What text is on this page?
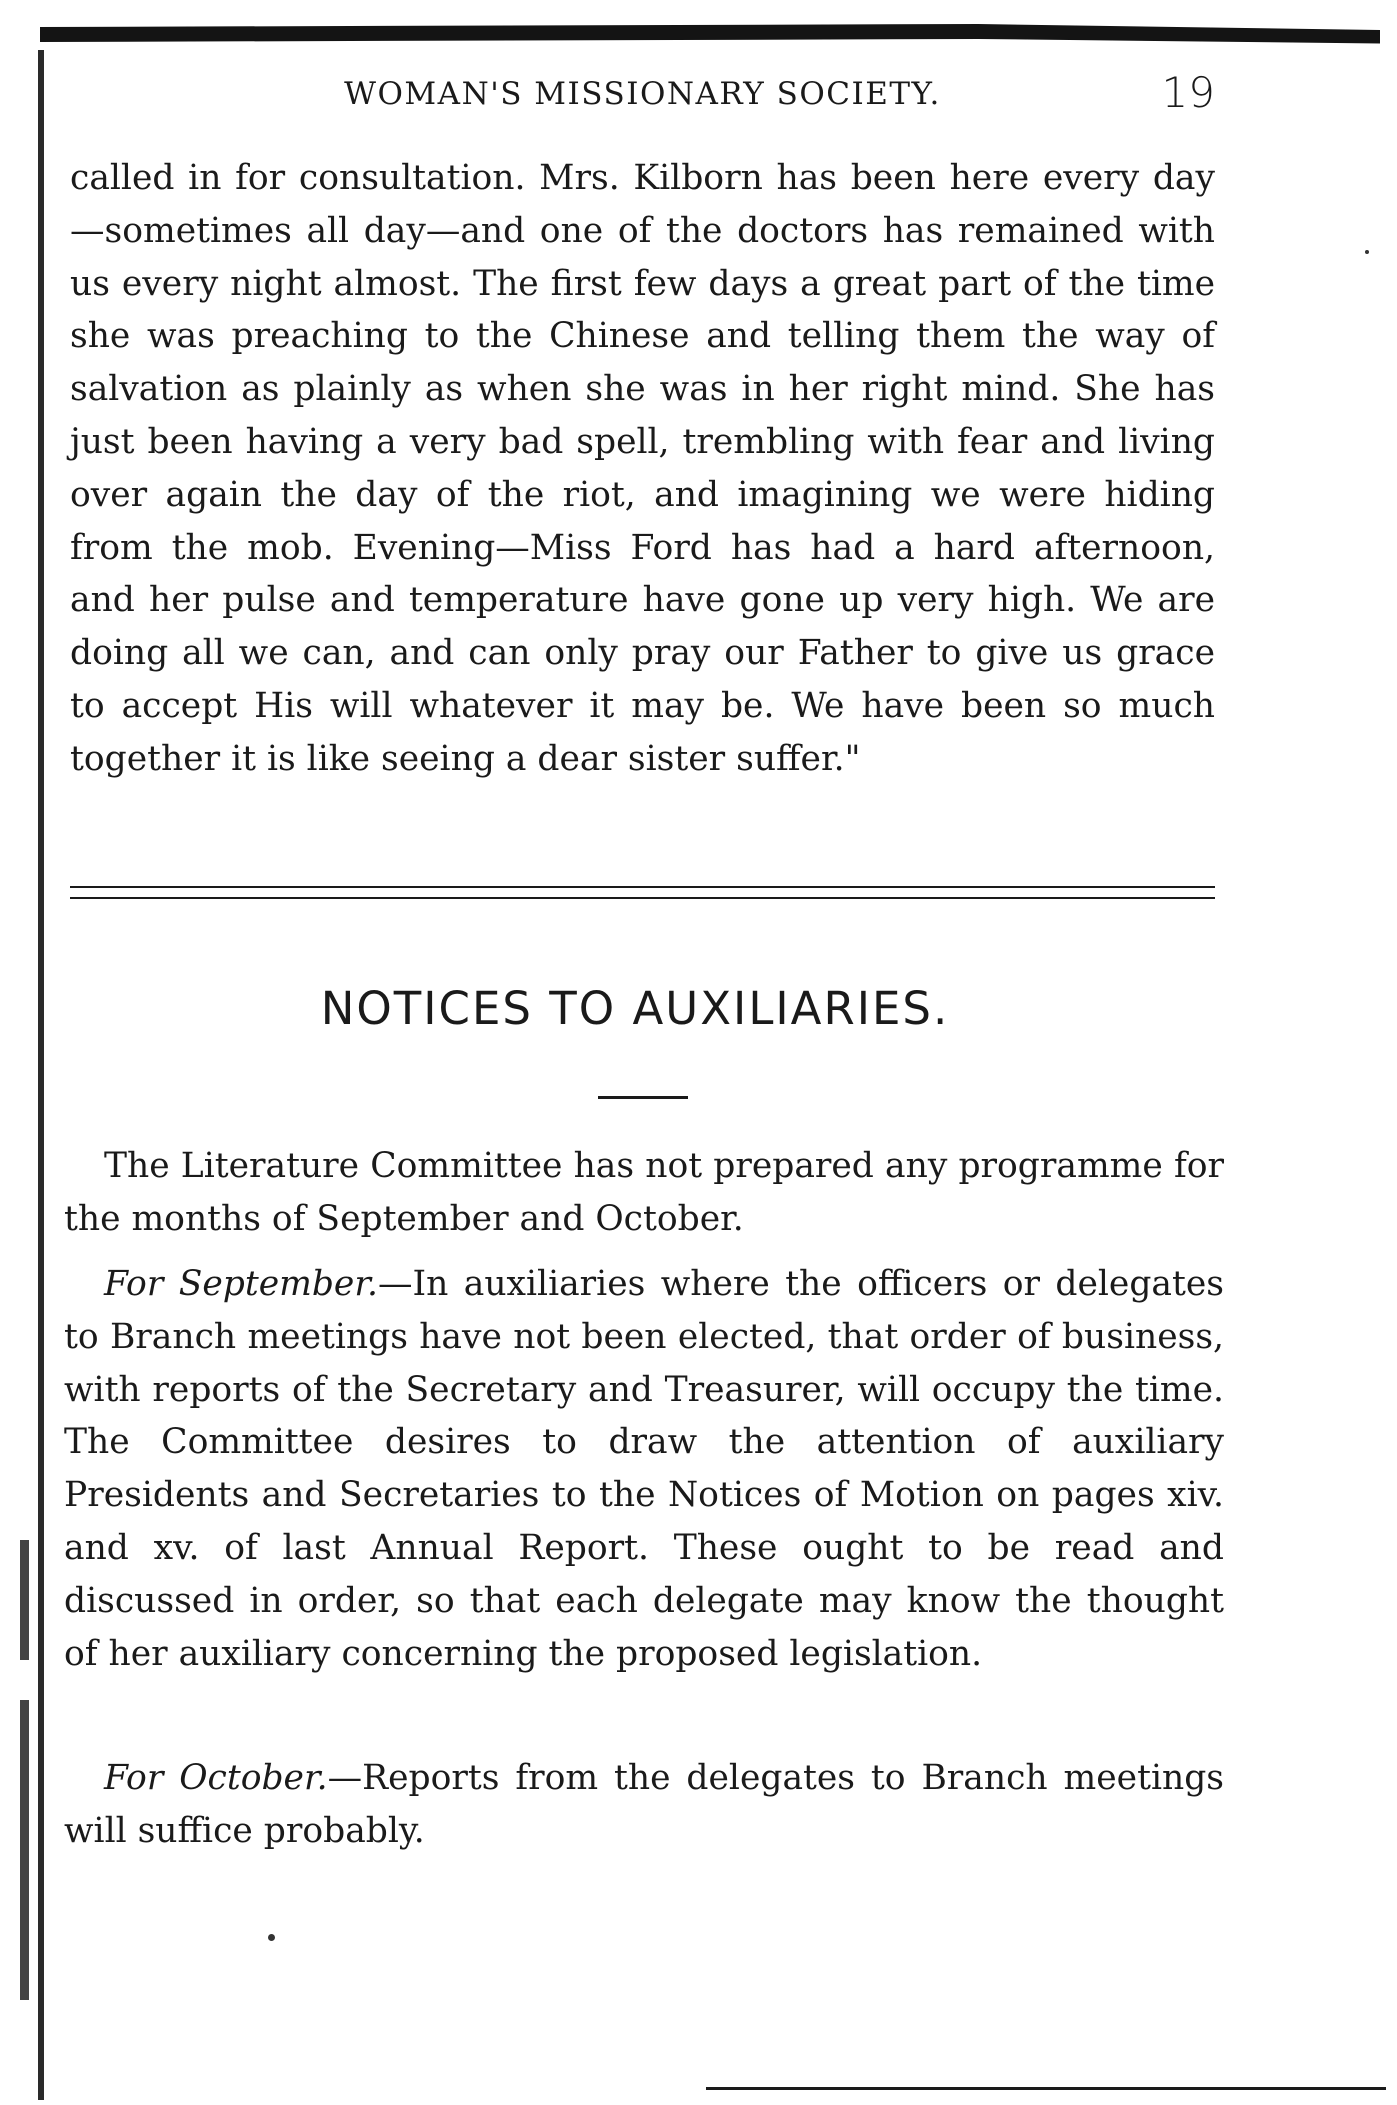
WOMAN'S MISSIONARY SOCIETY.	19

called in for consultation. Mrs. Kilborn has been here every day—sometimes all day—and one of the doctors has remained with us every night almost. The first few days a great part of the time she was preaching to the Chinese and telling them the way of salvation as plainly as when she was in her right mind. She has just been having a very bad spell, trembling with fear and living over again the day of the riot, and imagining we were hiding from the mob. Evening—Miss Ford has had a hard afternoon, and her pulse and temperature have gone up very high. We are doing all we can, and can only pray our Father to give us grace to accept His will whatever it may be. We have been so much together it is like seeing a dear sister suffer."

NOTICES TO AUXILIARIES.

The Literature Committee has not prepared any programme for the months of September and October.

For September.—In auxiliaries where the officers or delegates to Branch meetings have not been elected, that order of business, with reports of the Secretary and Treasurer, will occupy the time. The Committee desires to draw the attention of auxiliary Presidents and Secretaries to the Notices of Motion on pages xiv. and xv. of last Annual Report. These ought to be read and discussed in order, so that each delegate may know the thought of her auxiliary concerning the proposed legislation.

For October.—Reports from the delegates to Branch meetings will suffice probably.
